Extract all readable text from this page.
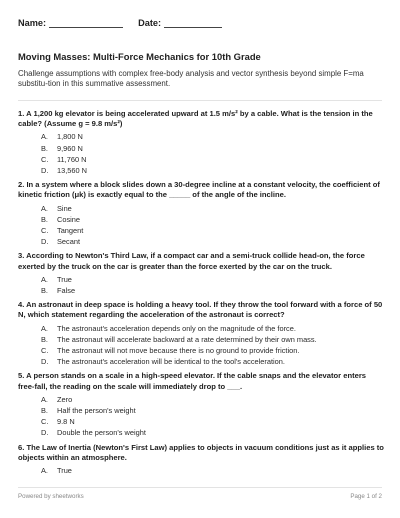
Name:	Date:
Moving Masses: Multi-Force Mechanics for 10th Grade

Challenge assumptions with complex free-body analysis and vector synthesis beyond simple F=ma substitu-tion in this summative assessment.

1. A 1,200 kg elevator is being accelerated upward at 1.5 m/s² by a cable. What is the tension in the cable? (Assume g = 9.8 m/s²)

A.	1,800 N
B.	9,960 N
C.	11,760 N
D.	13,560 N

2. In a system where a block slides down a 30-degree incline at a constant velocity, the coefficient of kinetic friction (μk) is exactly equal to the _____ of the angle of the incline.

A.	Sine
B.	Cosine
C.	Tangent
D.	Secant

3. According to Newton's Third Law, if a compact car and a semi-truck collide head-on, the force exerted by the truck on the car is greater than the force exerted by the car on the truck.

A.	True
B.	False

4. An astronaut in deep space is holding a heavy tool. If they throw the tool forward with a force of 50 N, which statement regarding the acceleration of the astronaut is correct?

A.	The astronaut's acceleration depends only on the magnitude of the force.
B.	The astronaut will accelerate backward at a rate determined by their own mass.
C.	The astronaut will not move because there is no ground to provide friction.
D.	The astronaut's acceleration will be identical to the tool's acceleration.

5. A person stands on a scale in a high-speed elevator. If the cable snaps and the elevator enters free-fall, the reading on the scale will immediately drop to ___.

A.	Zero
B.	Half the person's weight
C.	9.8 N
D.	Double the person's weight

6. The Law of Inertia (Newton's First Law) applies to objects in vacuum conditions just as it applies to objects within an atmosphere.

A.	True
Powered by sheetworks	Page 1 of 2
